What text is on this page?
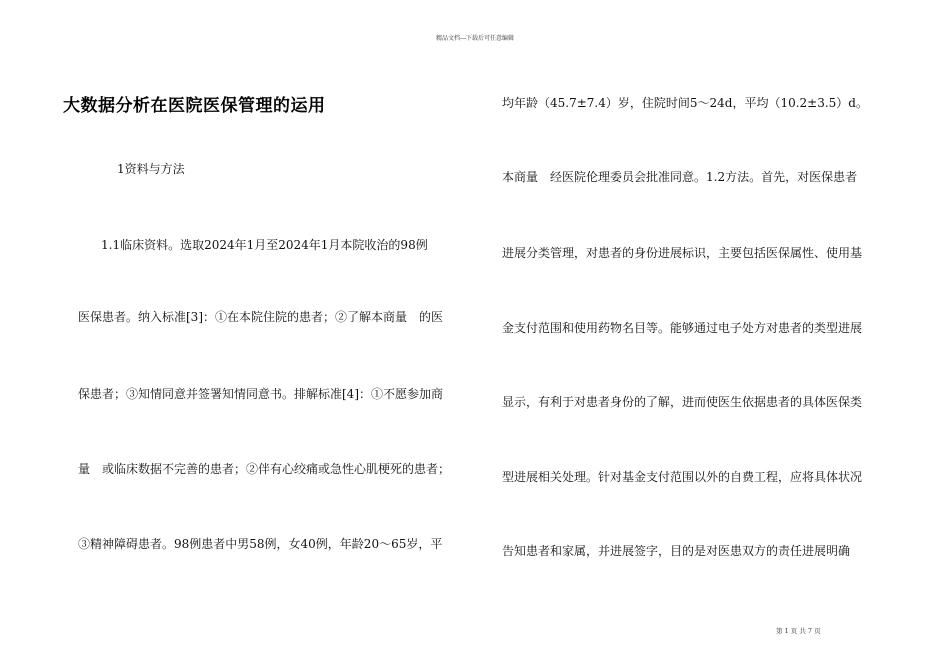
精品文档---下载后可任意编辑
大数据分析在医院医保管理的运用
1资料与方法
1.1临床资料。选取2024年1月至2024年1月本院收治的98例
医保患者。纳入标准[3]：①在本院住院的患者；②了解本商量　的医
保患者；③知情同意并签署知情同意书。排解标准[4]：①不愿参加商
量　或临床数据不完善的患者；②伴有心绞痛或急性心肌梗死的患者；
③精神障碍患者。98例患者中男58例，女40例，年龄20～65岁，平
均年龄（45.7±7.4）岁，住院时间5～24d，平均（10.2±3.5）d。
本商量　经医院伦理委员会批准同意。1.2方法。首先，对医保患者
进展分类管理，对患者的身份进展标识，主要包括医保属性、使用基
金支付范围和使用药物名目等。能够通过电子处方对患者的类型进展
显示，有利于对患者身份的了解，进而使医生依据患者的具体医保类
型进展相关处理。针对基金支付范围以外的自费工程，应将具体状况
告知患者和家属，并进展签字，目的是对医患双方的责任进展明确
第 1 页 共 7 页
